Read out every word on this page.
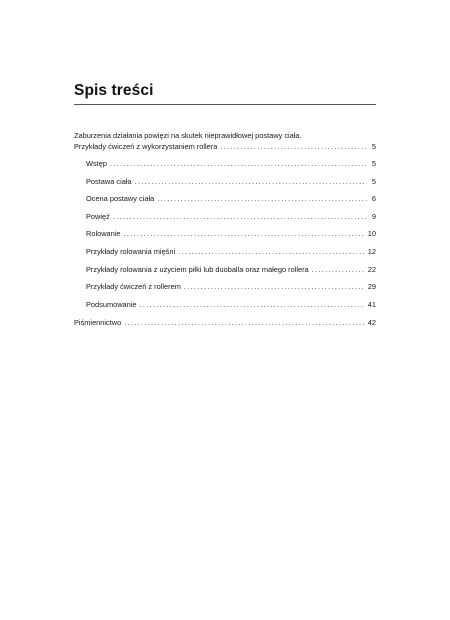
Spis treści

Zaburzenia działania powięzi na skutek nieprawidłowej postawy ciała.

Przykłady ćwiczeń z wykorzystaniem rollera .....	5
Wstęp .....	5
Postawa ciała .....	5
Ocena postawy ciała .....	6
Powięź .....	9
Rolowanie .....	10
Przykłady rolowania mięśni .....	12
Przykłady rolowania z użyciem piłki lub duoballa oraz małego rollera .....	22
Przykłady ćwiczeń z rollerem .....	29
Podsumowanie .....	41
Piśmiennictwo .....	42
